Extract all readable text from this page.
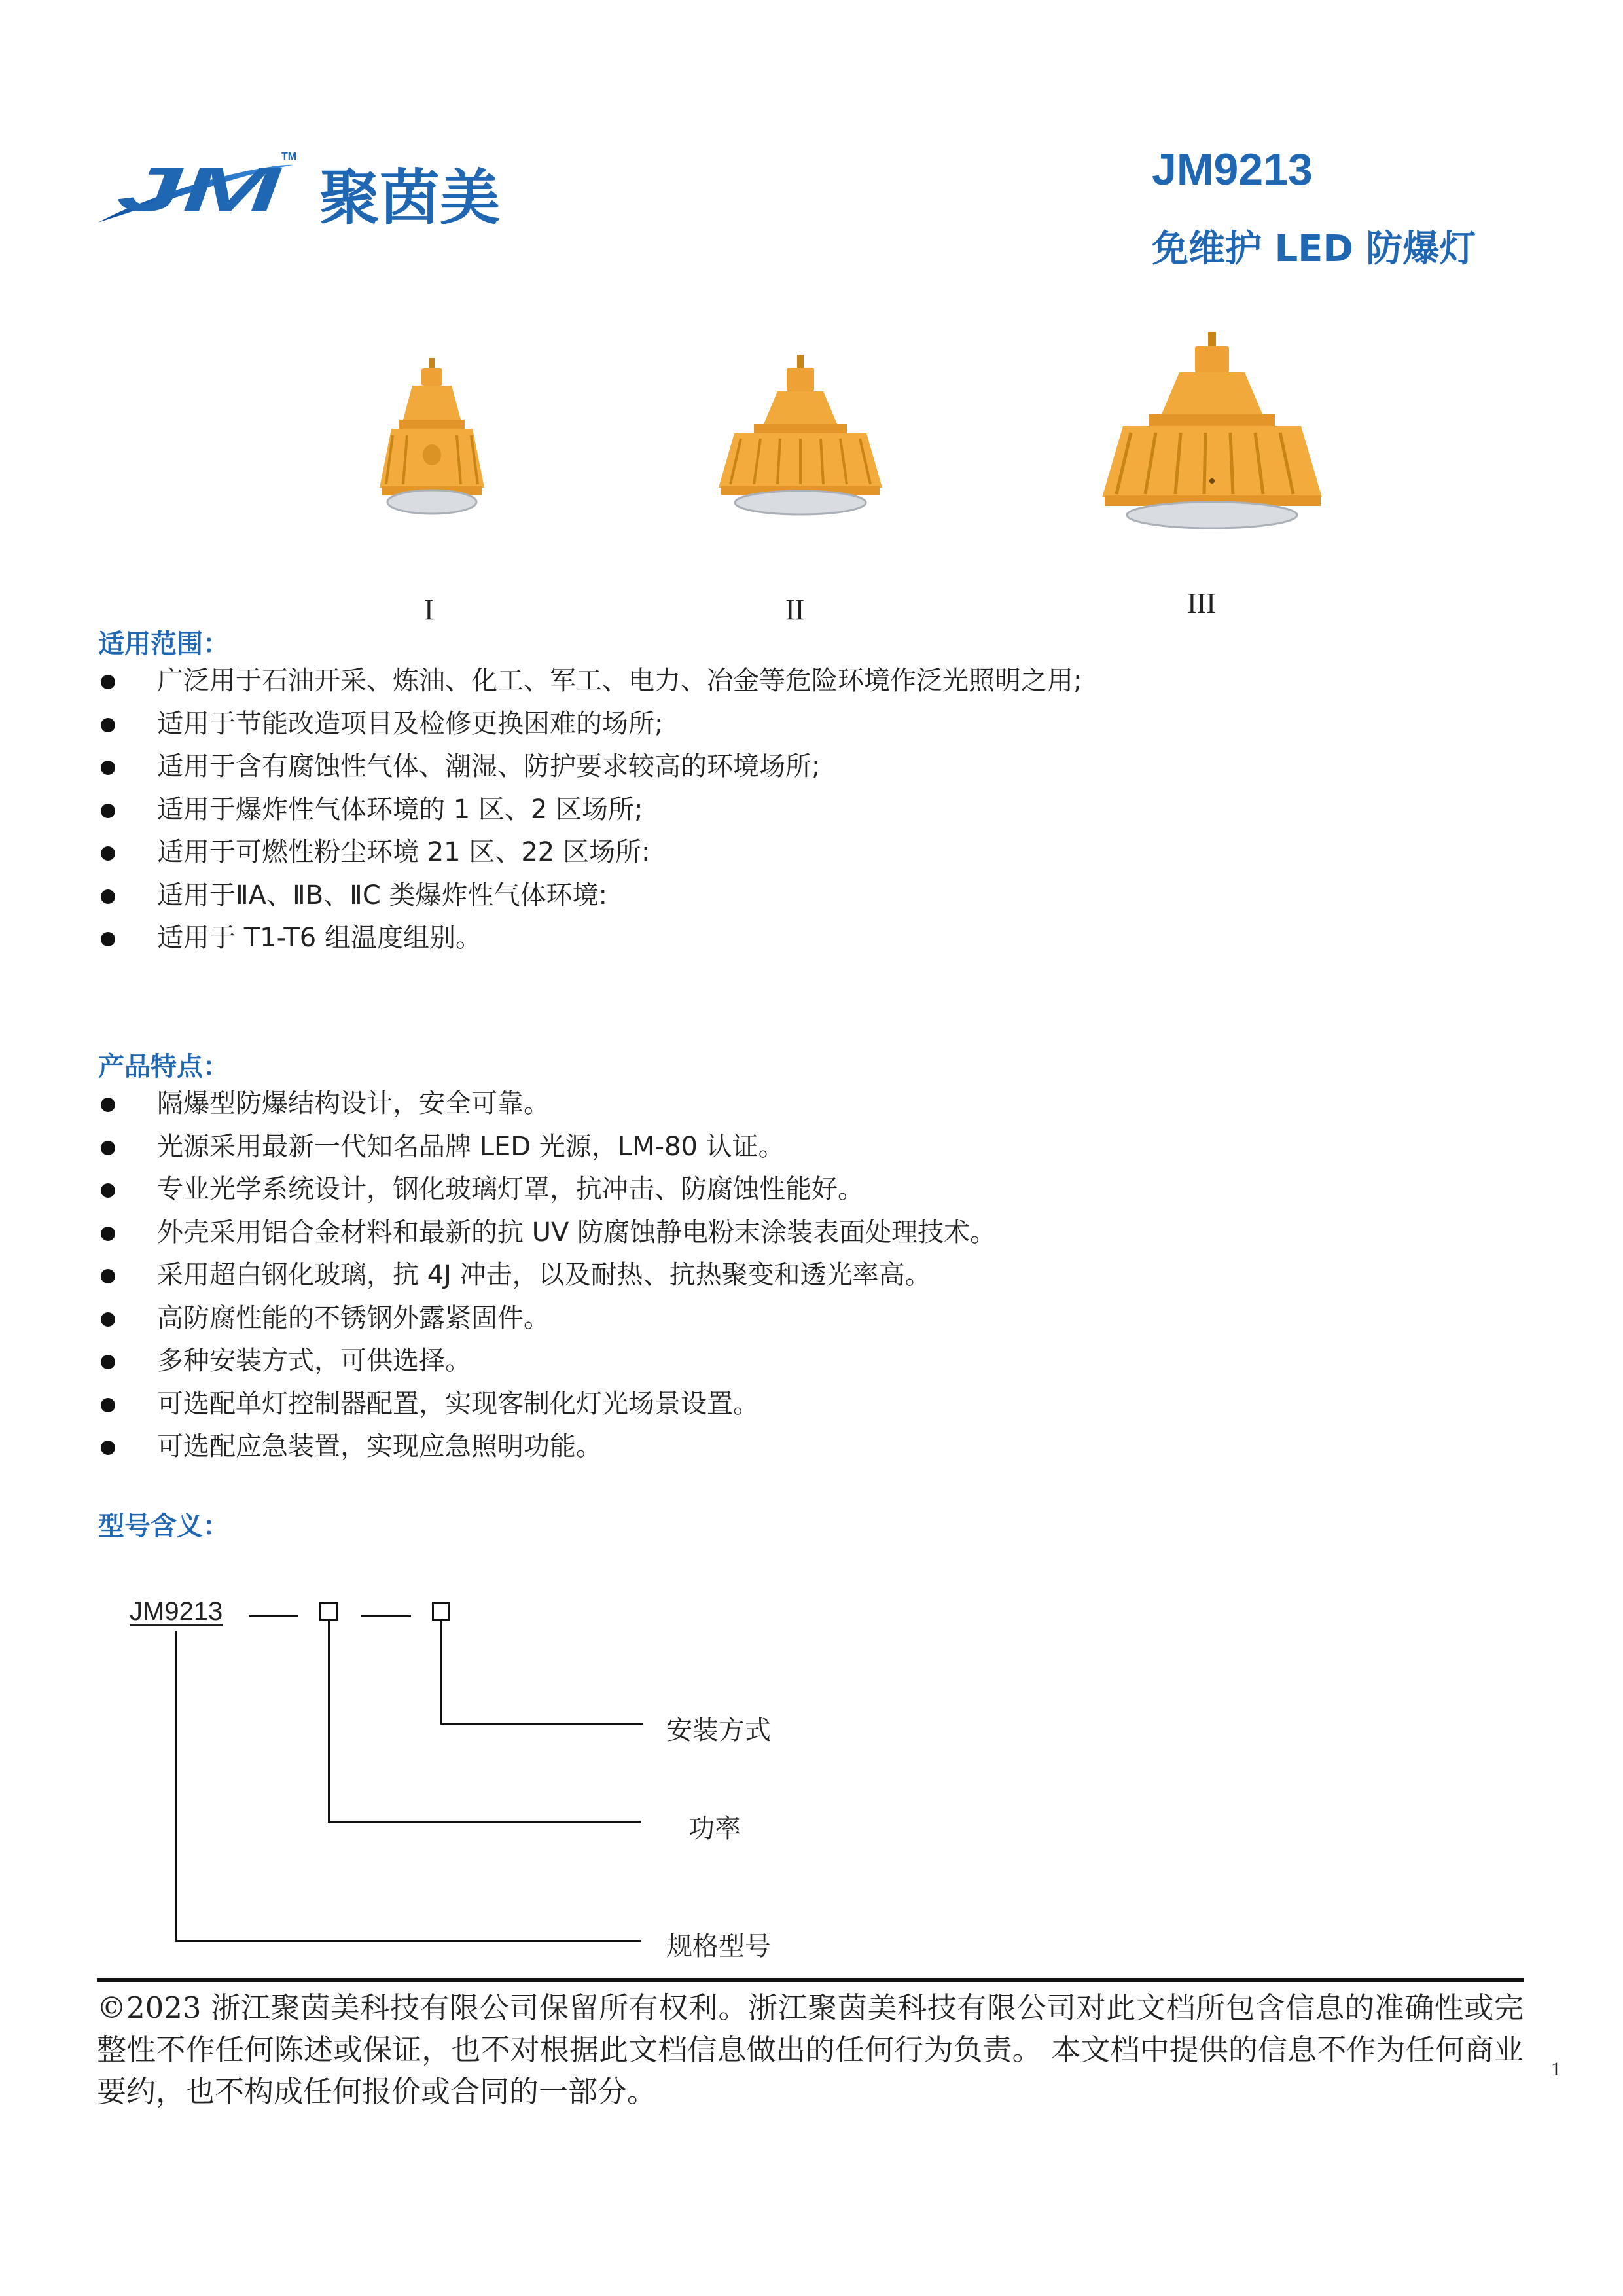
JM
TM
聚茵美	JM9213
免维护 LED 防爆灯
I	II	III
适用范围：
广泛用于石油开采、炼油、化工、军工、电力、冶金等危险环境作泛光照明之用;
适用于节能改造项目及检修更换困难的场所;
适用于含有腐蚀性气体、潮湿、防护要求较高的环境场所;
适用于爆炸性气体环境的 1 区、2 区场所;
适用于可燃性粉尘环境 21 区、22 区场所:
适用于ⅡA、ⅡB、ⅡC 类爆炸性气体环境:
适用于 T1-T6 组温度组别。
产品特点：
隔爆型防爆结构设计，安全可靠。
光源采用最新一代知名品牌 LED 光源，LM-80 认证。
专业光学系统设计，钢化玻璃灯罩，抗冲击、防腐蚀性能好。
外壳采用铝合金材料和最新的抗 UV 防腐蚀静电粉末涂装表面处理技术。
采用超白钢化玻璃，抗 4J 冲击，以及耐热、抗热聚变和透光率高。
高防腐性能的不锈钢外露紧固件。
多种安装方式，可供选择。
可选配单灯控制器配置，实现客制化灯光场景设置。
可选配应急装置，实现应急照明功能。
型号含义：
JM9213
安装方式
功率
规格型号
©2023 浙江聚茵美科技有限公司保留所有权利。浙江聚茵美科技有限公司对此文档所包含信息的准确性或完整性不作任何陈述或保证，也不对根据此文档信息做出的任何行为负责。 本文档中提供的信息不作为任何商业要约，也不构成任何报价或合同的一部分。
1
